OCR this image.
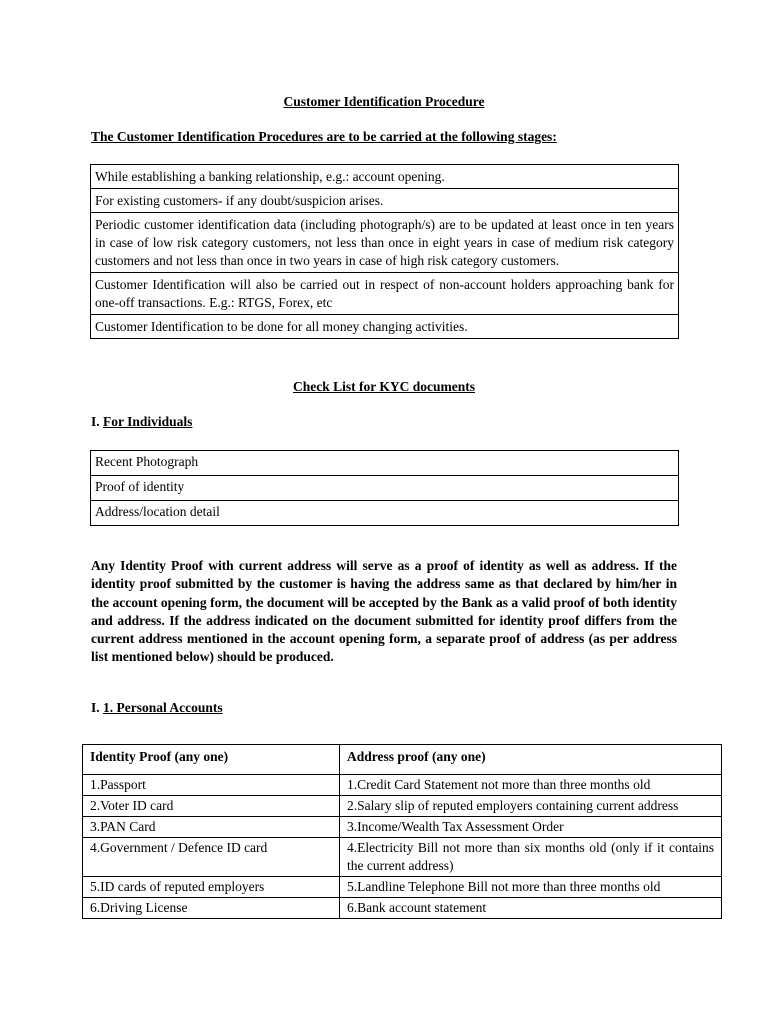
Customer Identification Procedure
The Customer Identification Procedures are to be carried at the following stages:
While establishing a banking relationship, e.g.: account opening.
For existing customers- if any doubt/suspicion arises.
Periodic customer identification data (including photograph/s) are to be updated at least once in ten years in case of low risk category customers, not less than once in eight years in case of medium risk category customers and not less than once in two years in case of high risk category customers.
Customer Identification will also be carried out in respect of non-account holders approaching bank for one-off transactions. E.g.: RTGS, Forex, etc
Customer Identification to be done for all money changing activities.
Check List for KYC documents
I. For Individuals
Recent Photograph
Proof of identity
Address/location detail
Any Identity Proof with current address will serve as a proof of identity as well as address. If the identity proof submitted by the customer is having the address same as that declared by him/her in the account opening form, the document will be accepted by the Bank as a valid proof of both identity and address. If the address indicated on the document submitted for identity proof differs from the current address mentioned in the account opening form, a separate proof of address (as per address list mentioned below) should be produced.
I. 1. Personal Accounts
Identity Proof (any one)	Address proof (any one)
1.Passport	1.Credit Card Statement not more than three months old
2.Voter ID card	2.Salary slip of reputed employers containing current address
3.PAN Card	3.Income/Wealth Tax Assessment Order
4.Government / Defence ID card	4.Electricity Bill not more than six months old (only if it contains the current address)
5.ID cards of reputed employers	5.Landline Telephone Bill not more than three months old
6.Driving License	6.Bank account statement
